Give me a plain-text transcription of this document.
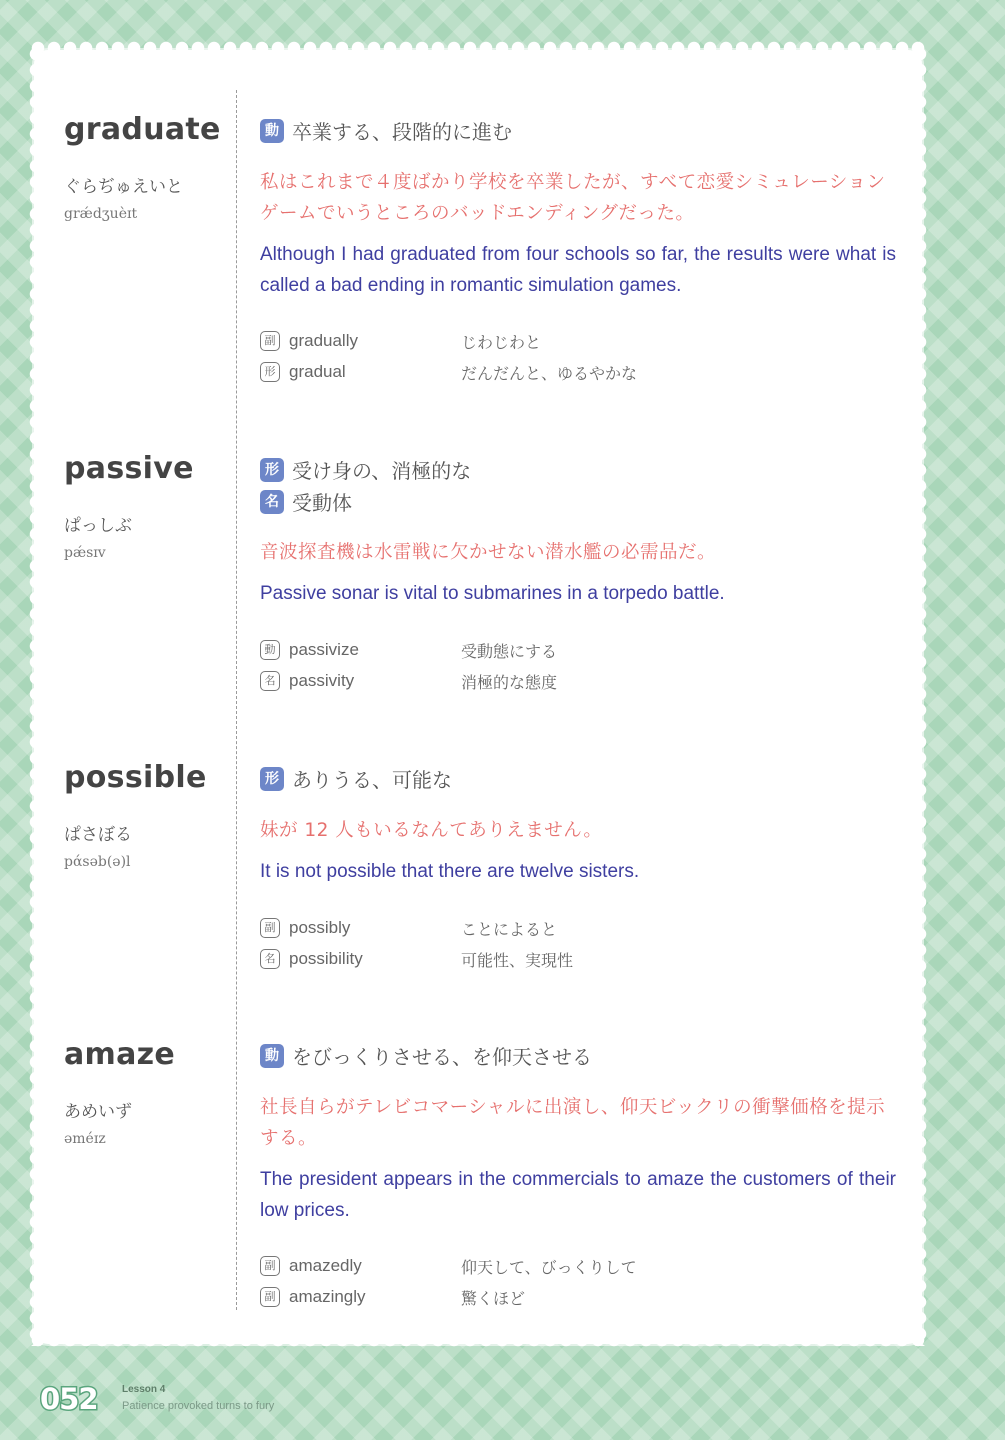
graduate
ぐらぢゅえいと
grǽdʒuèɪt
動 卒業する、段階的に進む
私はこれまで４度ばかり学校を卒業したが、すべて恋愛シミュレーションゲームでいうところのバッドエンディングだった。
Although I had graduated from four schools so far, the results were what is called a bad ending in romantic simulation games.
副 gradually	じわじわと
形 gradual	だんだんと、ゆるやかな
passive
ぱっしぶ
pǽsɪv
形 受け身の、消極的な
名 受動体
音波探査機は水雷戦に欠かせない潜水艦の必需品だ。
Passive sonar is vital to submarines in a torpedo battle.
動 passivize	受動態にする
名 passivity	消極的な態度
possible
ぱさぼる
pάsəb(ə)l
形 ありうる、可能な
妹が 12 人もいるなんてありえません。
It is not possible that there are twelve sisters.
副 possibly	ことによると
名 possibility	可能性、実現性
amaze
あめいず
əméɪz
動 をびっくりさせる、を仰天させる
社長自らがテレビコマーシャルに出演し、仰天ビックリの衝撃価格を提示する。
The president appears in the commercials to amaze the customers of their low prices.
副 amazedly	仰天して、びっくりして
副 amazingly	驚くほど
052 Lesson 4
Patience provoked turns to fury
